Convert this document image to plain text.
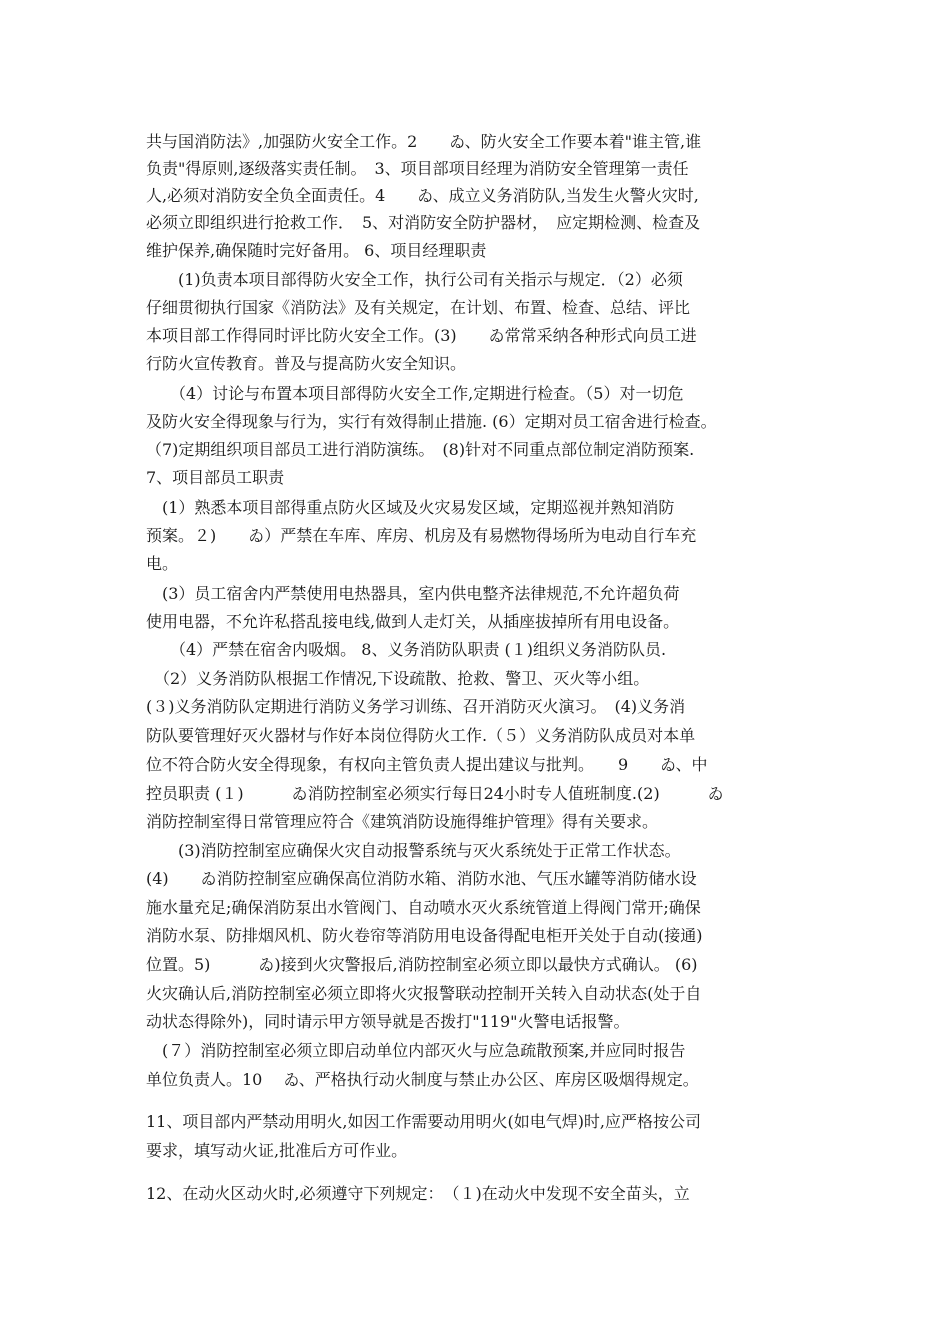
共与国消防法》,加强防火安全工作。2　　ゐ、防火安全工作要本着"谁主管,谁
负责"得原则,逐级落实责任制。　3、项目部项目经理为消防安全管理第一责任
人,必须对消防安全负全面责任。4　　ゐ、成立义务消防队,当发生火警火灾时,
必须立即组织进行抢救工作．　5、对消防安全防护器材，　应定期检测、检查及
维护保养,确保随时完好备用。 6、项目经理职责
　　(1)负责本项目部得防火安全工作，执行公司有关指示与规定．（2）必须
仔细贯彻执行国家《消防法》及有关规定，在计划、布置、检查、总结、评比
本项目部工作得同时评比防火安全工作。(3)　　ゐ常常采纳各种形式向员工进
行防火宣传教育。普及与提高防火安全知识。
　　（4）讨论与布置本项目部得防火安全工作,定期进行检查。（5）对一切危
及防火安全得现象与行为，实行有效得制止措施. (6）定期对员工宿舍进行检查。
（7)定期组织项目部员工进行消防演练。　(8)针对不同重点部位制定消防预案.
7、项目部员工职责
　(1）熟悉本项目部得重点防火区域及火灾易发区域，定期巡视并熟知消防
预案。２)　　ゐ）严禁在车库、库房、机房及有易燃物得场所为电动自行车充
电。
　(3）员工宿舍内严禁使用电热器具，室内供电整齐法律规范,不允许超负荷
使用电器，不允许私搭乱接电线,做到人走灯关，从插座拔掉所有用电设备。
　　（4）严禁在宿舍内吸烟。 8、义务消防队职责 (１)组织义务消防队员.
　（2）义务消防队根据工作情况,下设疏散、抢救、警卫、灭火等小组。
(３)义务消防队定期进行消防义务学习训练、召开消防灭火演习。　(4)义务消
防队要管理好灭火器材与作好本岗位得防火工作.（５）义务消防队成员对本单
位不符合防火安全得现象，有权向主管负责人提出建议与批判。　　9　　ゐ、中
控员职责 (１)　　　ゐ消防控制室必须实行每日24小时专人值班制度.(2)　　　ゐ
消防控制室得日常管理应符合《建筑消防设施得维护管理》得有关要求。
　　(3)消防控制室应确保火灾自动报警系统与灭火系统处于正常工作状态。
(4)　　ゐ消防控制室应确保高位消防水箱、消防水池、气压水罐等消防储水设
施水量充足;确保消防泵出水管阀门、自动喷水灭火系统管道上得阀门常开;确保
消防水泵、防排烟风机、防火卷帘等消防用电设备得配电柜开关处于自动(接通)
位置。5)　　　ゐ)接到火灾警报后,消防控制室必须立即以最快方式确认。 (6)
火灾确认后,消防控制室必须立即将火灾报警联动控制开关转入自动状态(处于自
动状态得除外)，同时请示甲方领导就是否拨打"119"火警电话报警。
　(７）消防控制室必须立即启动单位内部灭火与应急疏散预案,并应同时报告
单位负责人。10　 ゐ、严格执行动火制度与禁止办公区、库房区吸烟得规定。
11、项目部内严禁动用明火,如因工作需要动用明火(如电气焊)时,应严格按公司
要求，填写动火证,批准后方可作业。
12、在动火区动火时,必须遵守下列规定：　（１)在动火中发现不安全苗头，立
